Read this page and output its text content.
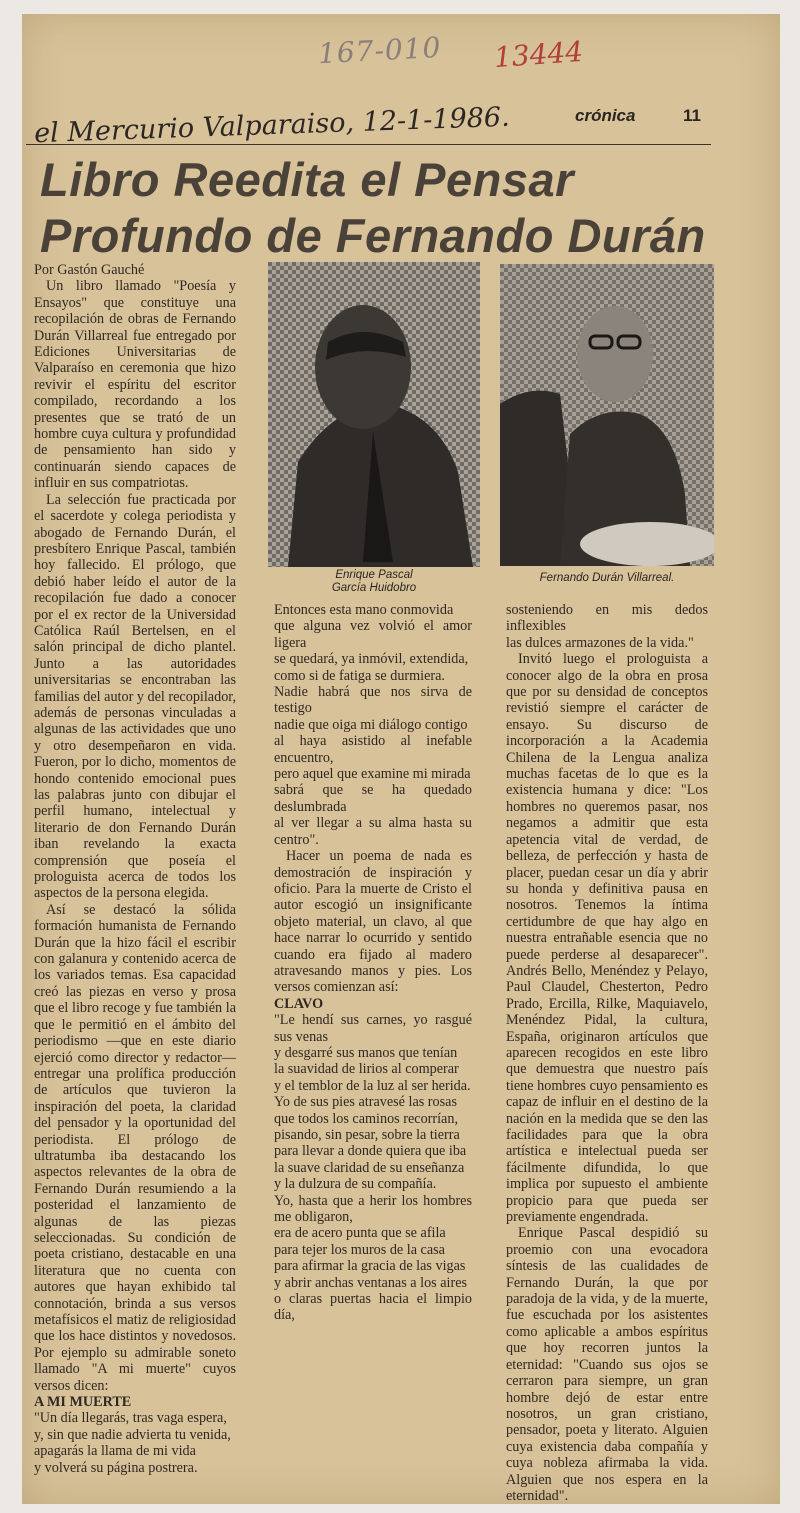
167-010 13444
el Mercurio Valparaiso, 12-1-1986.	crónica	11
Libro Reedita el Pensar
Profundo de Fernando Durán
Enrique Pascal
García Huidobro
Fernando Durán Villarreal.

Por Gastón Gauché

Un libro llamado "Poesía y Ensayos" que constituye una recopilación de obras de Fernando Durán Villarreal fue entregado por Ediciones Universitarias de Valparaíso en ceremonia que hizo revivir el espíritu del escritor compilado, recordando a los presentes que se trató de un hombre cuya cultura y profundidad de pensamiento han sido y continuarán siendo capaces de influir en sus compatriotas.

La selección fue practicada por el sacerdote y colega periodista y abogado de Fernando Durán, el presbítero Enrique Pascal, también hoy fallecido. El prólogo, que debió haber leído el autor de la recopilación fue dado a conocer por el ex rector de la Universidad Católica Raúl Bertelsen, en el salón principal de dicho plantel. Junto a las autoridades universitarias se encontraban las familias del autor y del recopilador, además de personas vinculadas a algunas de las actividades que uno y otro desempeñaron en vida. Fueron, por lo dicho, momentos de hondo contenido emocional pues las palabras junto con dibujar el perfil humano, intelectual y literario de don Fernando Durán iban revelando la exacta comprensión que poseía el prologuista acerca de todos los aspectos de la persona elegida.

Así se destacó la sólida formación humanista de Fernando Durán que la hizo fácil el escribir con galanura y contenido acerca de los variados temas. Esa capacidad creó las piezas en verso y prosa que el libro recoge y fue también la que le permitió en el ámbito del periodismo —que en este diario ejerció como director y redactor— entregar una prolífica producción de artículos que tuvieron la inspiración del poeta, la claridad del pensador y la oportunidad del periodista. El prólogo de ultratumba iba destacando los aspectos relevantes de la obra de Fernando Durán resumiendo a la posteridad el lanzamiento de algunas de las piezas seleccionadas. Su condición de poeta cristiano, destacable en una literatura que no cuenta con autores que hayan exhibido tal connotación, brinda a sus versos metafísicos el matiz de religiosidad que los hace distintos y novedosos. Por ejemplo su admirable soneto llamado "A mi muerte" cuyos versos dicen:

A MI MUERTE

"Un día llegarás, tras vaga espera,

y, sin que nadie advierta tu venida,

apagarás la llama de mi vida

y volverá su página postrera.

Entonces esta mano conmovida

que alguna vez volvió el amor ligera

se quedará, ya inmóvil, extendida,

como si de fatiga se durmiera.

Nadie habrá que nos sirva de testigo

nadie que oiga mi diálogo contigo

al haya asistido al inefable encuentro,

pero aquel que examine mi mirada

sabrá que se ha quedado deslumbrada

al ver llegar a su alma hasta su centro".

Hacer un poema de nada es demostración de inspiración y oficio. Para la muerte de Cristo el autor escogió un insignificante objeto material, un clavo, al que hace narrar lo ocurrido y sentido cuando era fijado al madero atravesando manos y pies. Los versos comienzan así:

CLAVO

"Le hendí sus carnes, yo rasgué sus venas

y desgarré sus manos que tenían

la suavidad de lirios al comperar

y el temblor de la luz al ser herida.

Yo de sus pies atravesé las rosas

que todos los caminos recorrían,

pisando, sin pesar, sobre la tierra

para llevar a donde quiera que iba

la suave claridad de su enseñanza

y la dulzura de su compañía.

Yo, hasta que a herir los hombres me obligaron,

era de acero punta que se afila

para tejer los muros de la casa

para afirmar la gracia de las vigas

y abrir anchas ventanas a los aires

o claras puertas hacia el limpio día,

sosteniendo en mis dedos inflexibles

las dulces armazones de la vida."

Invitó luego el prologuista a conocer algo de la obra en prosa que por su densidad de conceptos revistió siempre el carácter de ensayo. Su discurso de incorporación a la Academia Chilena de la Lengua analiza muchas facetas de lo que es la existencia humana y dice: "Los hombres no queremos pasar, nos negamos a admitir que esta apetencia vital de verdad, de belleza, de perfección y hasta de placer, puedan cesar un día y abrir su honda y definitiva pausa en nosotros. Tenemos la íntima certidumbre de que hay algo en nuestra entrañable esencia que no puede perderse al desaparecer". Andrés Bello, Menéndez y Pelayo, Paul Claudel, Chesterton, Pedro Prado, Ercilla, Rilke, Maquiavelo, Menéndez Pidal, la cultura, España, originaron artículos que aparecen recogidos en este libro que demuestra que nuestro país tiene hombres cuyo pensamiento es capaz de influir en el destino de la nación en la medida que se den las facilidades para que la obra artística e intelectual pueda ser fácilmente difundida, lo que implica por supuesto el ambiente propicio para que pueda ser previamente engendrada.

Enrique Pascal despidió su proemio con una evocadora síntesis de las cualidades de Fernando Durán, la que por paradoja de la vida, y de la muerte, fue escuchada por los asistentes como aplicable a ambos espíritus que hoy recorren juntos la eternidad: "Cuando sus ojos se cerraron para siempre, un gran hombre dejó de estar entre nosotros, un gran cristiano, pensador, poeta y literato. Alguien cuya existencia daba compañía y cuya nobleza afirmaba la vida. Alguien que nos espera en la eternidad".
